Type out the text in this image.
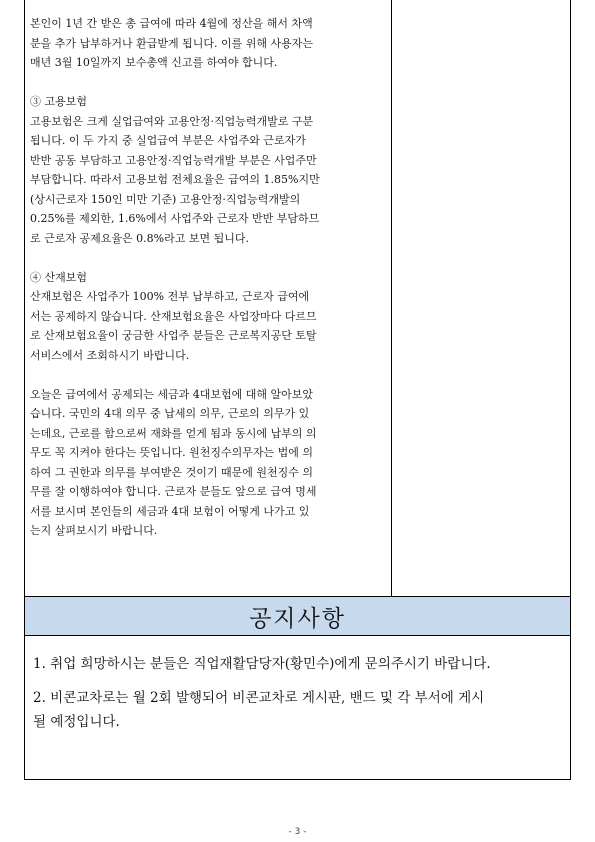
본인이 1년 간 받은 총 급여에 따라 4월에 정산을 해서 차액
분을 추가 납부하거나 환급받게 됩니다. 이를 위해 사용자는
매년 3월 10일까지 보수총액 신고를 하여야 합니다.
③ 고용보험
고용보험은 크게 실업급여와 고용안정·직업능력개발로 구분
됩니다. 이 두 가지 중 실업급여 부분은 사업주와 근로자가
반반 공동 부담하고 고용안정·직업능력개발 부분은 사업주만
부담합니다. 따라서 고용보험 전체요율은 급여의 1.85%지만
(상시근로자 150인 미만 기준) 고용안정·직업능력개발의
0.25%를 제외한, 1.6%에서 사업주와 근로자 반반 부담하므
로 근로자 공제요율은 0.8%라고 보면 됩니다.
④ 산재보험
산재보험은 사업주가 100% 전부 납부하고, 근로자 급여에
서는 공제하지 않습니다. 산재보험요율은 사업장마다 다르므
로 산재보험요율이 궁금한 사업주 분들은 근로복지공단 토탈
서비스에서 조회하시기 바랍니다.
오늘은 급여에서 공제되는 세금과 4대보험에 대해 알아보았
습니다. 국민의 4대 의무 중 납세의 의무, 근로의 의무가 있
는데요, 근로를 함으로써 재화를 얻게 됨과 동시에 납부의 의
무도 꼭 지켜야 한다는 뜻입니다. 원천징수의무자는 법에 의
하여 그 권한과 의무를 부여받은 것이기 때문에 원천징수 의
무를 잘 이행하여야 합니다. 근로자 분들도 앞으로 급여 명세
서를 보시며 본인들의 세금과 4대 보험이 어떻게 나가고 있
는지 살펴보시기 바랍니다.
공지사항
1. 취업 희망하시는 분들은 직업재활담당자(황민수)에게 문의주시기 바랍니다.
2. 비콘교차로는 월 2회 발행되어 비콘교차로 게시판, 밴드 및 각 부서에 게시
될 예정입니다.
- 3 -
